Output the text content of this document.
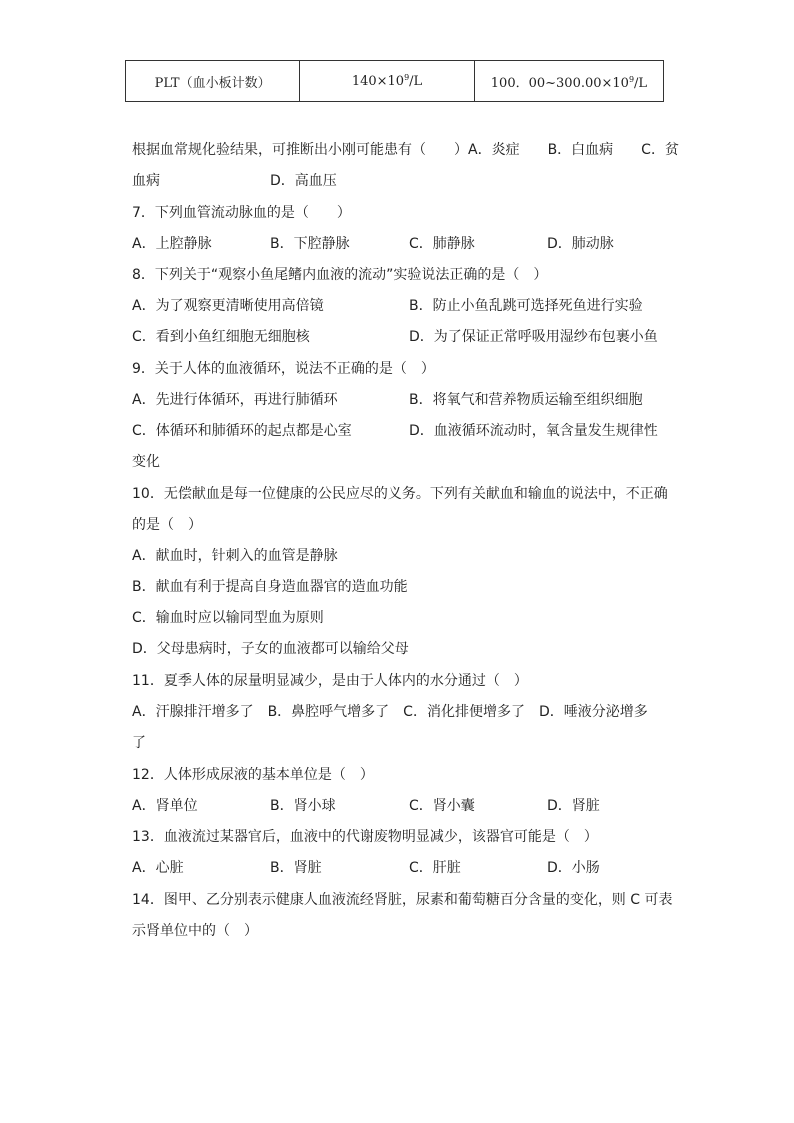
PLT（血小板计数）	$140\times 10^9/L$	100．$00\sim 300.00\times 10^9/L$
根据血常规化验结果，可推断出小刚可能患有（　　）A．炎症　　B．白血病　　C．贫
血病	D．高血压
7．下列血管流动脉血的是（　　）
A．上腔静脉	B．下腔静脉	C．肺静脉	D．肺动脉
8．下列关于“观察小鱼尾鳍内血液的流动”实验说法正确的是（　）
A．为了观察更清晰使用高倍镜	B．防止小鱼乱跳可选择死鱼进行实验
C．看到小鱼红细胞无细胞核	D．为了保证正常呼吸用湿纱布包裹小鱼
9．关于人体的血液循环，说法不正确的是（　）
A．先进行体循环，再进行肺循环	B．将氧气和营养物质运输至组织细胞
C．体循环和肺循环的起点都是心室	D．血液循环流动时，氧含量发生规律性
变化
10．无偿献血是每一位健康的公民应尽的义务。下列有关献血和输血的说法中，不正确
的是（　）
A．献血时，针刺入的血管是静脉
B．献血有利于提高自身造血器官的造血功能
C．输血时应以输同型血为原则
D．父母患病时，子女的血液都可以输给父母
11．夏季人体的尿量明显减少，是由于人体内的水分通过（　）
A．汗腺排汗增多了　B．鼻腔呼气增多了　C．消化排便增多了　D．唾液分泌增多
了
12．人体形成尿液的基本单位是（　）
A．肾单位	B．肾小球	C．肾小囊	D．肾脏
13．血液流过某器官后，血液中的代谢废物明显减少，该器官可能是（　）
A．心脏	B．肾脏	C．肝脏	D．小肠
14．图甲、乙分别表示健康人血液流经肾脏，尿素和葡萄糖百分含量的变化，则 C 可表
示肾单位中的（　）
